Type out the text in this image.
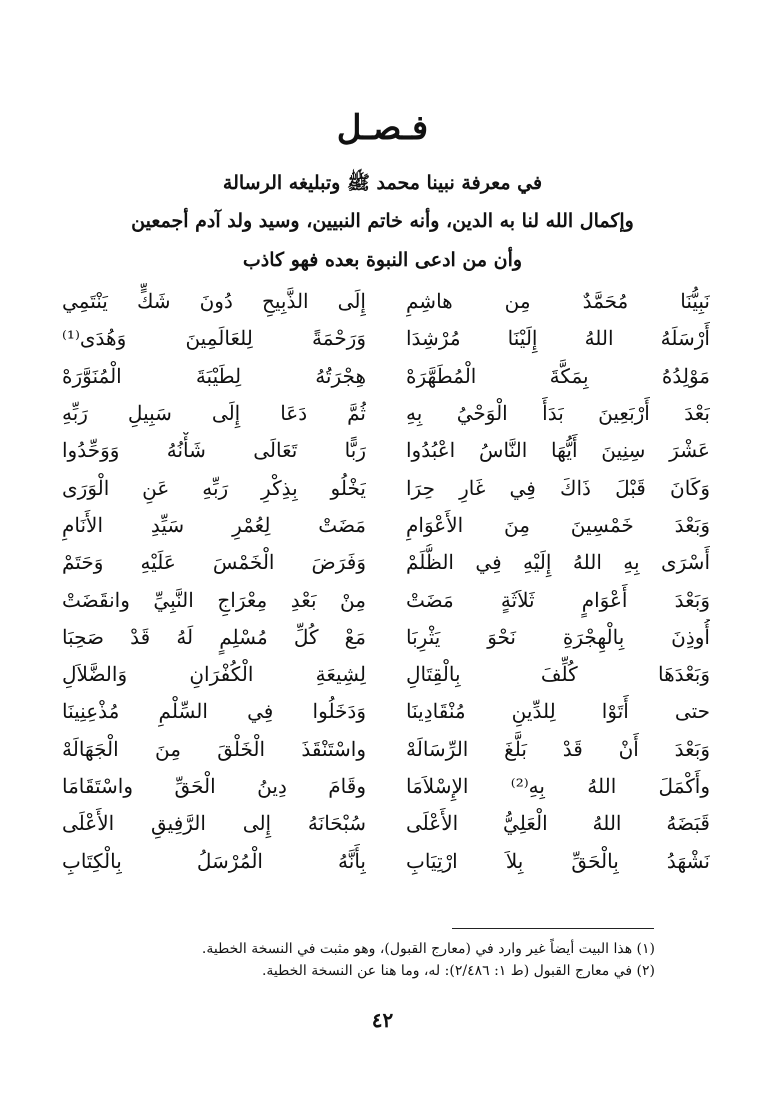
فـصـل
في معرفة نبينا محمد ﷺ وتبليغه الرسالة
وإكمال الله لنا به الدين، وأنه خاتم النبيين، وسيد ولد آدم أجمعين
وأن من ادعى النبوة بعده فهو كاذب
نَبِيُّنَا مُحَمَّدٌ مِن هاشِمِ
إِلَى الذَّبِيحِ دُونَ شَكٍّ يَنْتَمِي
أَرْسَلَهُ اللهُ إِلَيْنَا مُرْشِدَا
وَرَحْمَةً لِلعَالَمِينَ وَهُدَى⁽¹⁾
مَوْلِدُهُ بِمَكَّةَ الْمُطَهَّرَهْ
هِجْرَتُهُ لِطَيْبَةَ الْمُنَوَّرَهْ
بَعْدَ أَرْبَعِينَ بَدَأَ الْوَحْيُ بِهِ
ثُمَّ دَعَا إِلَى سَبِيلِ رَبِّهِ
عَشْرَ سِنِينَ أَيُّهَا النَّاسُ اعْبُدُوا
رَبًّا تَعَالَى شَأْنُهُ وَوَحِّدُوا
وَكَانَ قَبْلَ ذَاكَ فِي غَارِ حِرَا
يَخْلُو بِذِكْرِ رَبِّهِ عَنِ الْوَرَى
وَبَعْدَ خَمْسِينَ مِنَ الأَعْوَامِ
مَضَتْ لِعُمْرِ سَيِّدِ الأَنَامِ
أَسْرَى بِهِ اللهُ إِلَيْهِ فِي الظُّلَمْ
وَفَرَضَ الْخَمْسَ عَلَيْهِ وَحَتَمْ
وَبَعْدَ أَعْوَامٍ ثَلاَثَةٍ مَضَتْ
مِنْ بَعْدِ مِعْرَاجِ النَّبِيِّ وانقَضَتْ
أُوذِنَ بِالْهِجْرَةِ نَحْوَ يَثْرِبَا
مَعْ كُلِّ مُسْلِمٍ لَهُ قَدْ صَحِبَا
وَبَعْدَهَا كُلِّفَ بِالْقِتَالِ
لِشِيعَةِ الْكُفْرَانِ وَالضَّلاَلِ
حتى أَتَوْا لِلدِّينِ مُنْقَادِينَا
وَدَخَلُوا فِي السِّلْمِ مُذْعِنِينَا
وَبَعْدَ أَنْ قَدْ بَلَّغَ الرِّسَالَهْ
واسْتَنْقَذَ الْخَلْقَ مِنَ الْجَهَالَهْ
وأَكْمَلَ اللهُ بِهِ⁽²⁾ الإِسْلاَمَا
وقَامَ دِينُ الْحَقِّ واسْتَقَامَا
قَبَضَهُ اللهُ الْعَلِيُّ الأَعْلَى
سُبْحَانَهُ إِلى الرَّفِيقِ الأَعْلَى
نَشْهَدُ بِالْحَقِّ بِلاَ ارْتِيَابِ
بِأَنَّهُ الْمُرْسَلُ بِالْكِتَابِ
(١) هذا البيت أيضاً غير وارد في (معارج القبول)، وهو مثبت في النسخة الخطية.
(٢) في معارج القبول (ط ١: ٢/٤٨٦): له، وما هنا عن النسخة الخطية.
٤٢
